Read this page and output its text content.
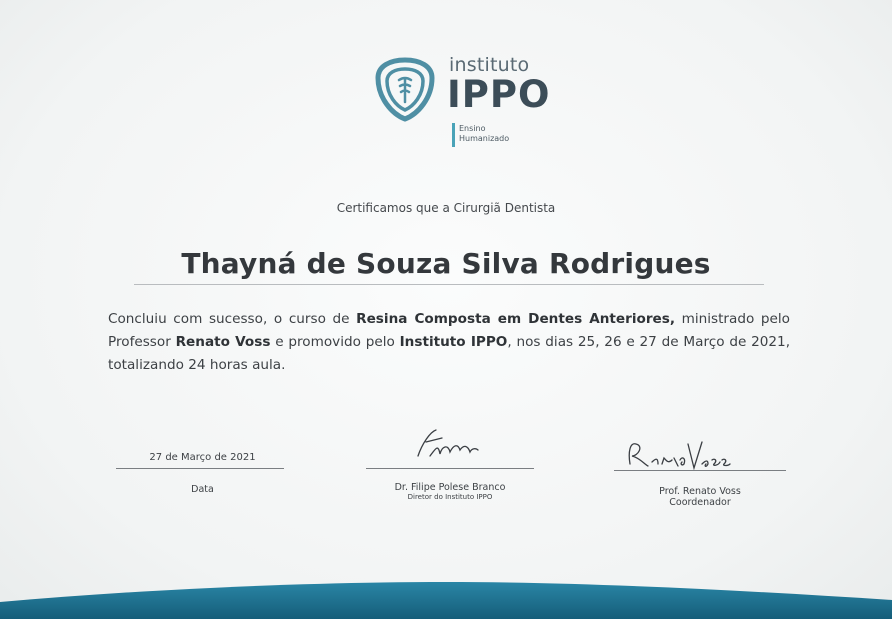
instituto
IPPO
Ensino
Humanizado
Certificamos que a Cirurgiã Dentista
Thayná de Souza Silva Rodrigues
Concluiu com sucesso, o curso de Resina Composta em Dentes Anteriores, ministrado pelo Professor Renato Voss e promovido pelo Instituto IPPO, nos dias 25, 26 e 27 de Março de 2021, totalizando 24 horas aula.
27 de Março de 2021
Data	Dr. Filipe Polese Branco
Diretor do Instituto IPPO	Prof. Renato Voss
Coordenador
